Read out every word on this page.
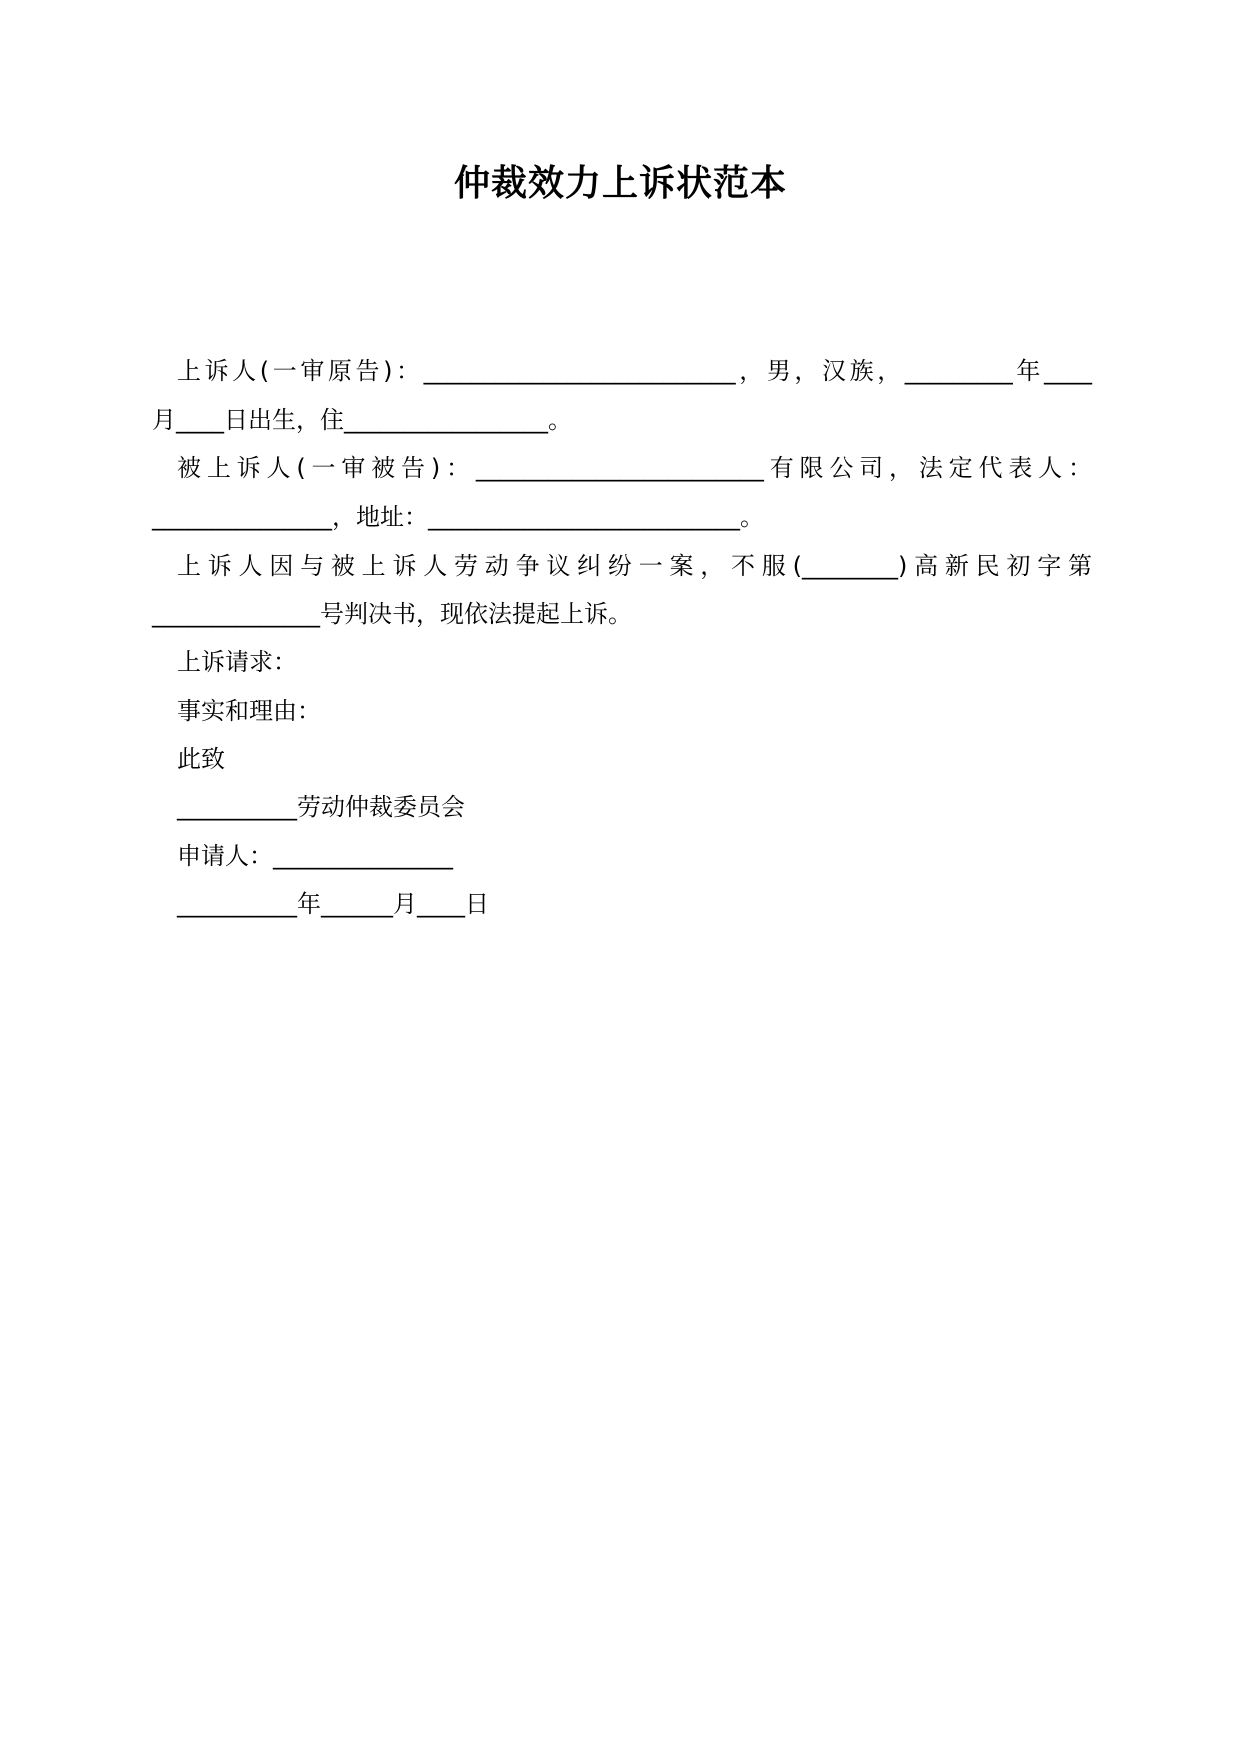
仲裁效力上诉状范本
上诉人(一审原告)：__________________________，男，汉族，_________年____
月____日出生，住_________________。
被上诉人(一审被告)：________________________有限公司，法定代表人：
_______________，地址：__________________________。
上诉人因与被上诉人劳动争议纠纷一案，不服(________)高新民初字第
______________号判决书，现依法提起上诉。
上诉请求：
事实和理由：
此致
__________劳动仲裁委员会
申请人：_______________
__________年______月____日
